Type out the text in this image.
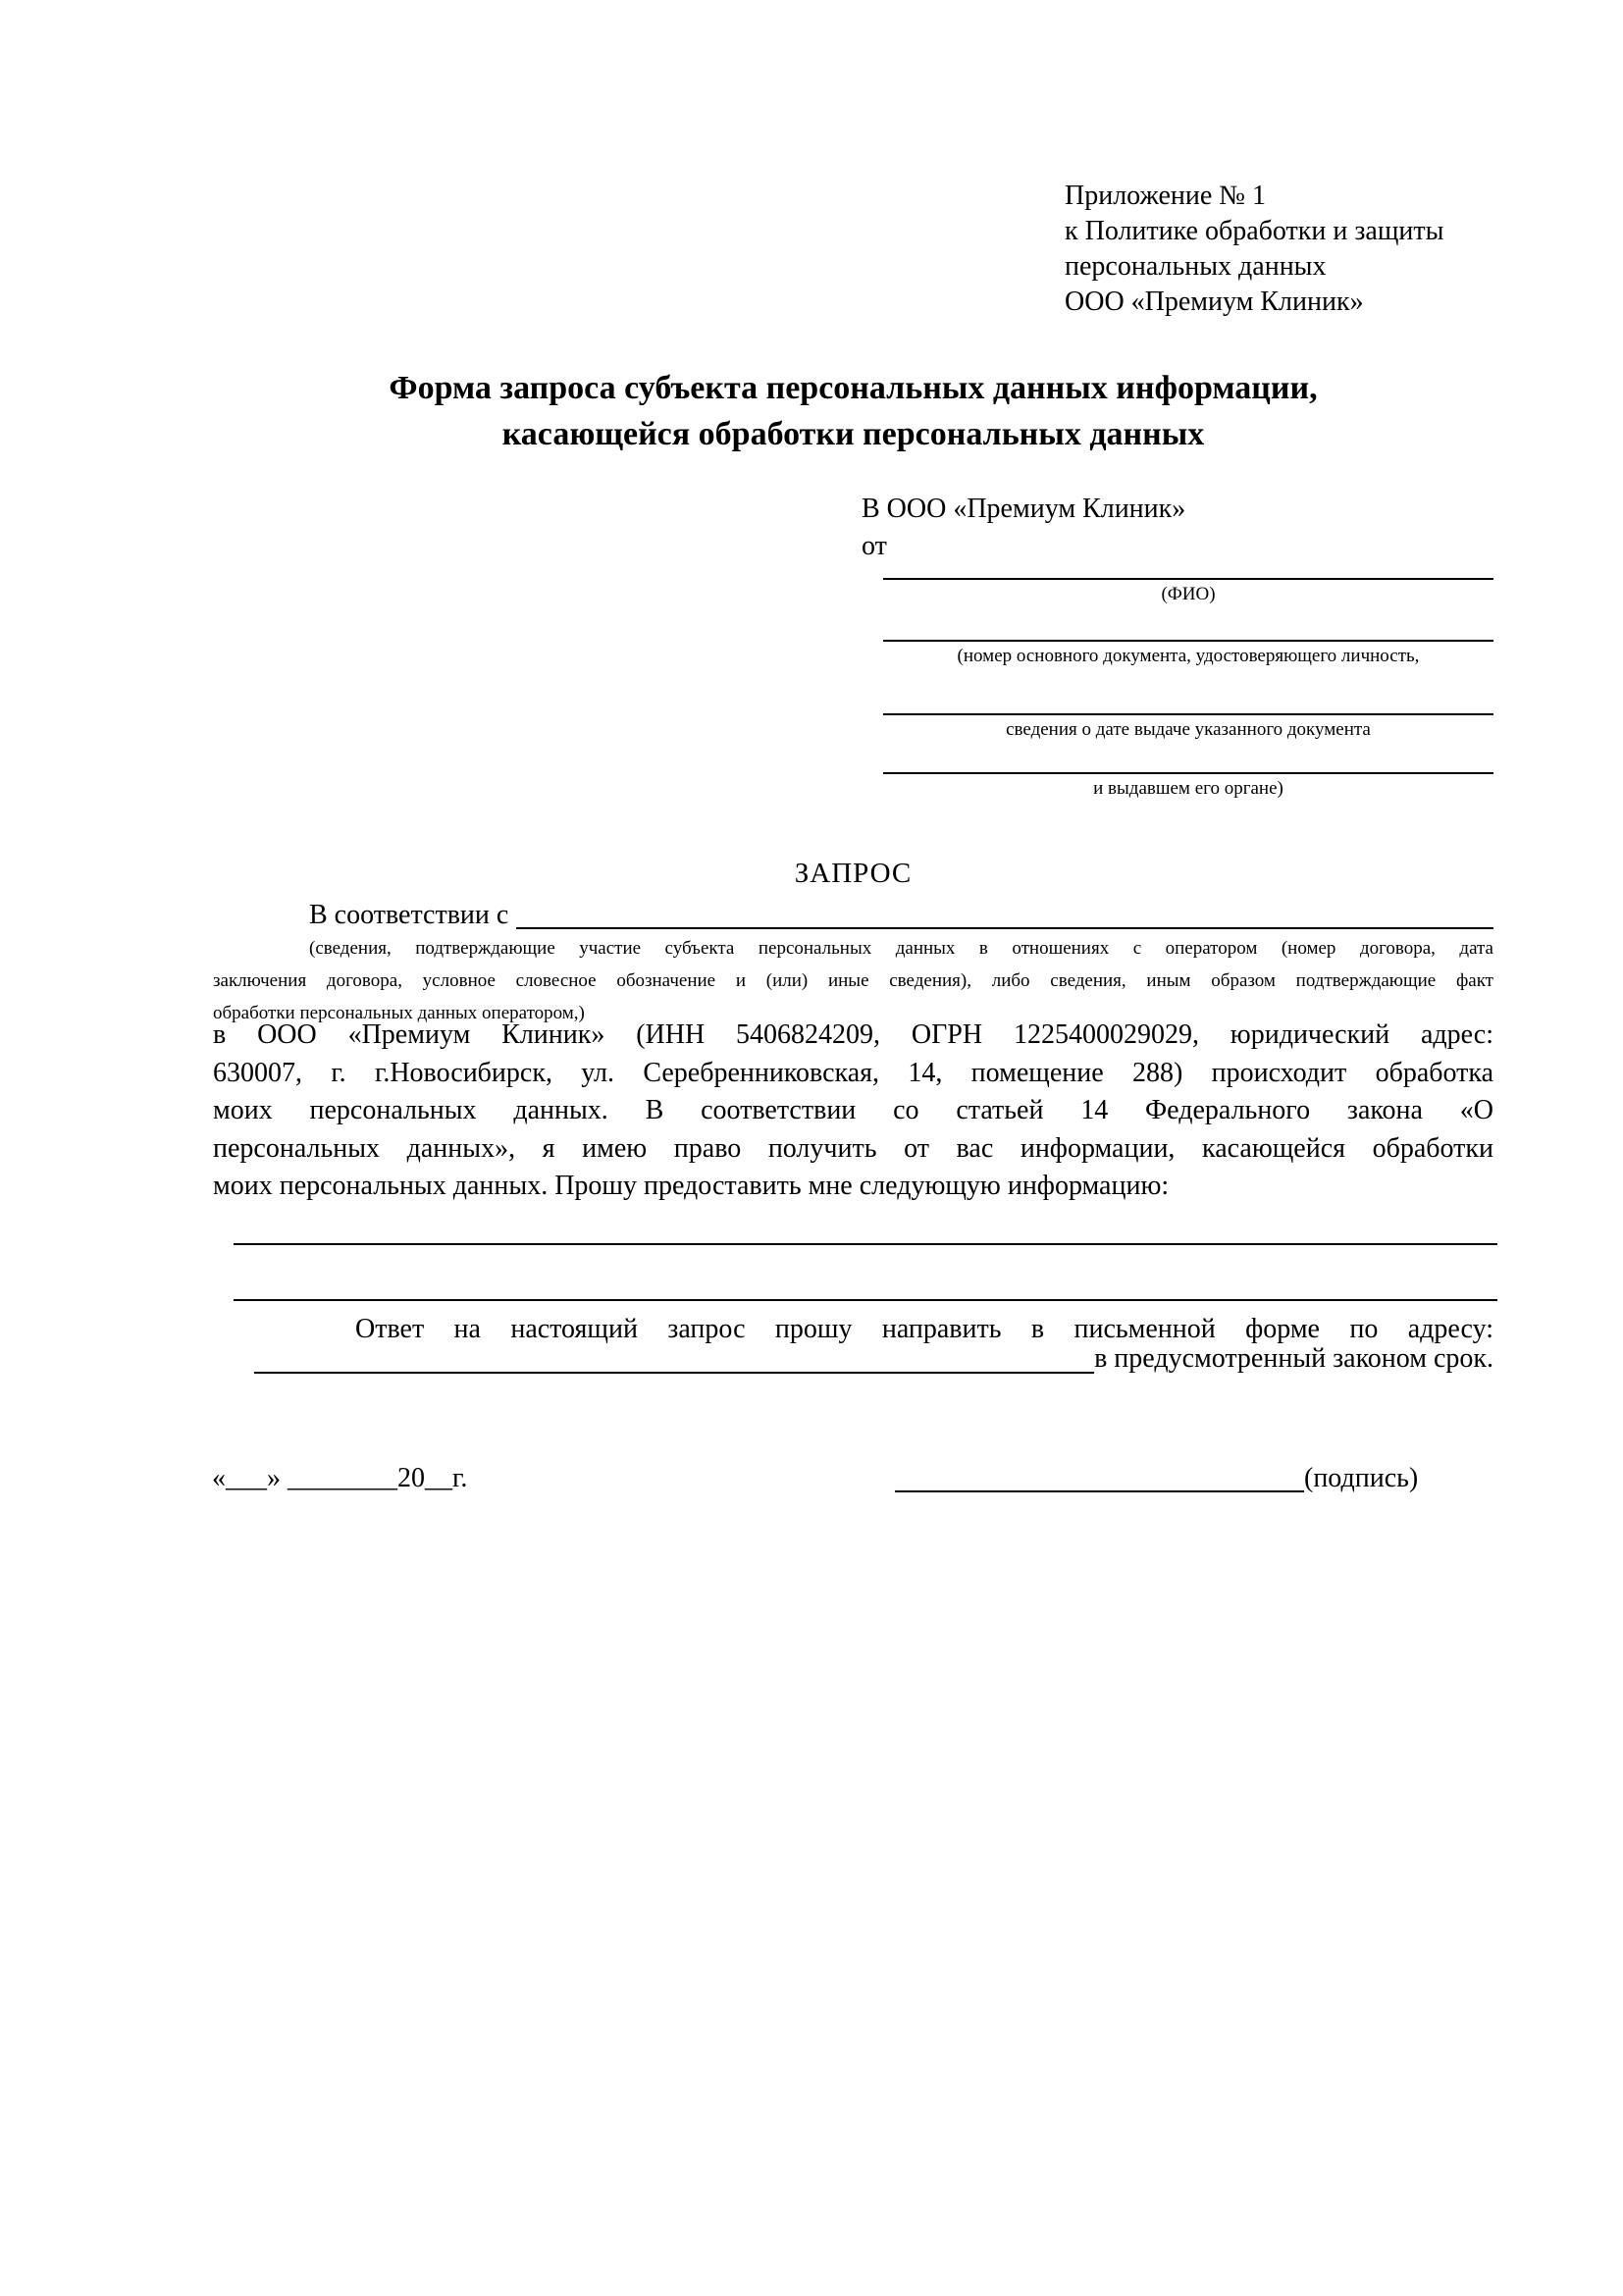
Приложение № 1
к Политике обработки и защиты
персональных данных
ООО «Премиум Клиник»
Форма запроса субъекта персональных данных информации,
касающейся обработки персональных данных
В ООО «Премиум Клиник»
от
(ФИО)
(номер основного документа, удостоверяющего личность,
сведения о дате выдаче указанного документа
и выдавшем его органе)
ЗАПРОС
В соответствии с
(сведения, подтверждающие участие субъекта персональных данных в отношениях с оператором (номер договора, дата
заключения договора, условное словесное обозначение и (или) иные сведения), либо сведения, иным образом подтверждающие факт
обработки персональных данных оператором,)
в ООО «Премиум Клиник» (ИНН 5406824209, ОГРН 1225400029029, юридический адрес:
630007, г. г.Новосибирск, ул. Серебренниковская, 14, помещение 288) происходит обработка
моих персональных данных. В соответствии со статьей 14 Федерального закона «О
персональных данных», я имею право получить от вас информации, касающейся обработки
моих персональных данных. Прошу предоставить мне следующую информацию:
Ответ на настоящий запрос прошу направить в письменной форме по адресу:
в предусмотренный законом срок.
«___» ________20__г.	(подпись)
